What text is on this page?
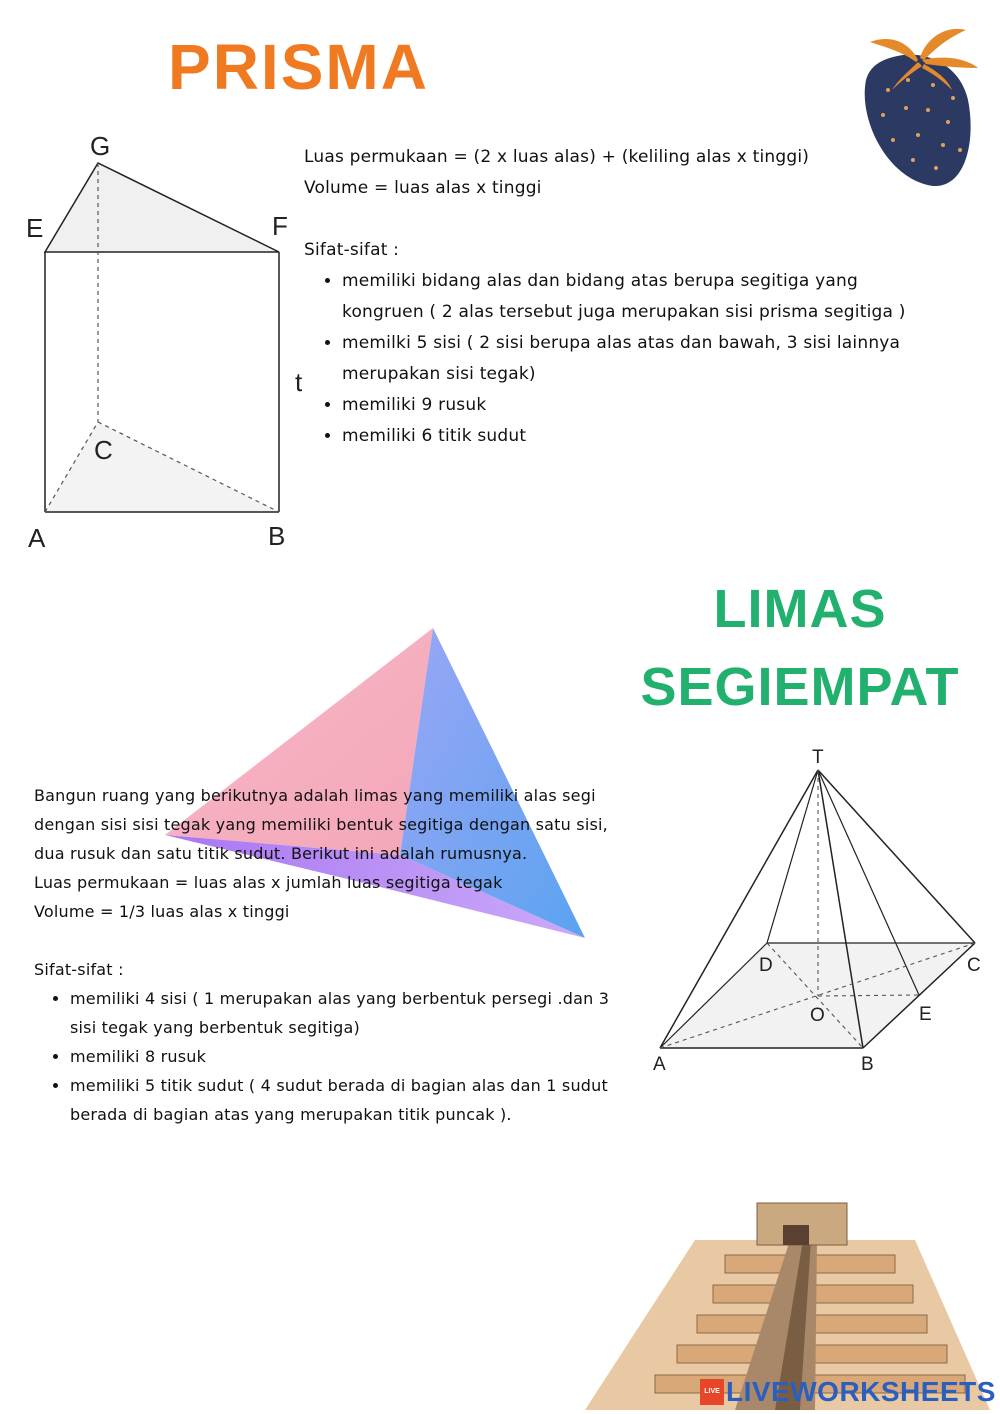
PRISMA
G
E	F
C
A	B
t
Luas permukaan = (2 x luas alas) + (keliling alas x tinggi)
Volume = luas alas x tinggi
Sifat-sifat :
• memiliki bidang alas dan bidang atas berupa segitiga yang kongruen ( 2 alas tersebut juga merupakan sisi prisma segitiga )
• memilki 5 sisi ( 2 sisi berupa alas atas dan bawah, 3 sisi lainnya merupakan sisi tegak)
• memiliki 9 rusuk
• memiliki 6 titik sudut
LIMAS
SEGIEMPAT
Bangun ruang yang berikutnya adalah limas yang memiliki alas segi dengan sisi sisi tegak yang memiliki bentuk segitiga dengan satu sisi, dua rusuk dan satu titik sudut. Berikut ini adalah rumusnya.
Luas permukaan = luas alas x jumlah luas segitiga tegak
Volume = 1/3 luas alas x tinggi
Sifat-sifat :
• memiliki 4 sisi ( 1 merupakan alas yang berbentuk persegi .dan 3 sisi tegak yang berbentuk segitiga)
• memiliki 8 rusuk
• memiliki 5 titik sudut ( 4 sudut berada di bagian alas dan 1 sudut berada di bagian atas yang merupakan titik puncak ).
T
D	C
O	E
A	B
LIVE LIVEWORKSHEETS
